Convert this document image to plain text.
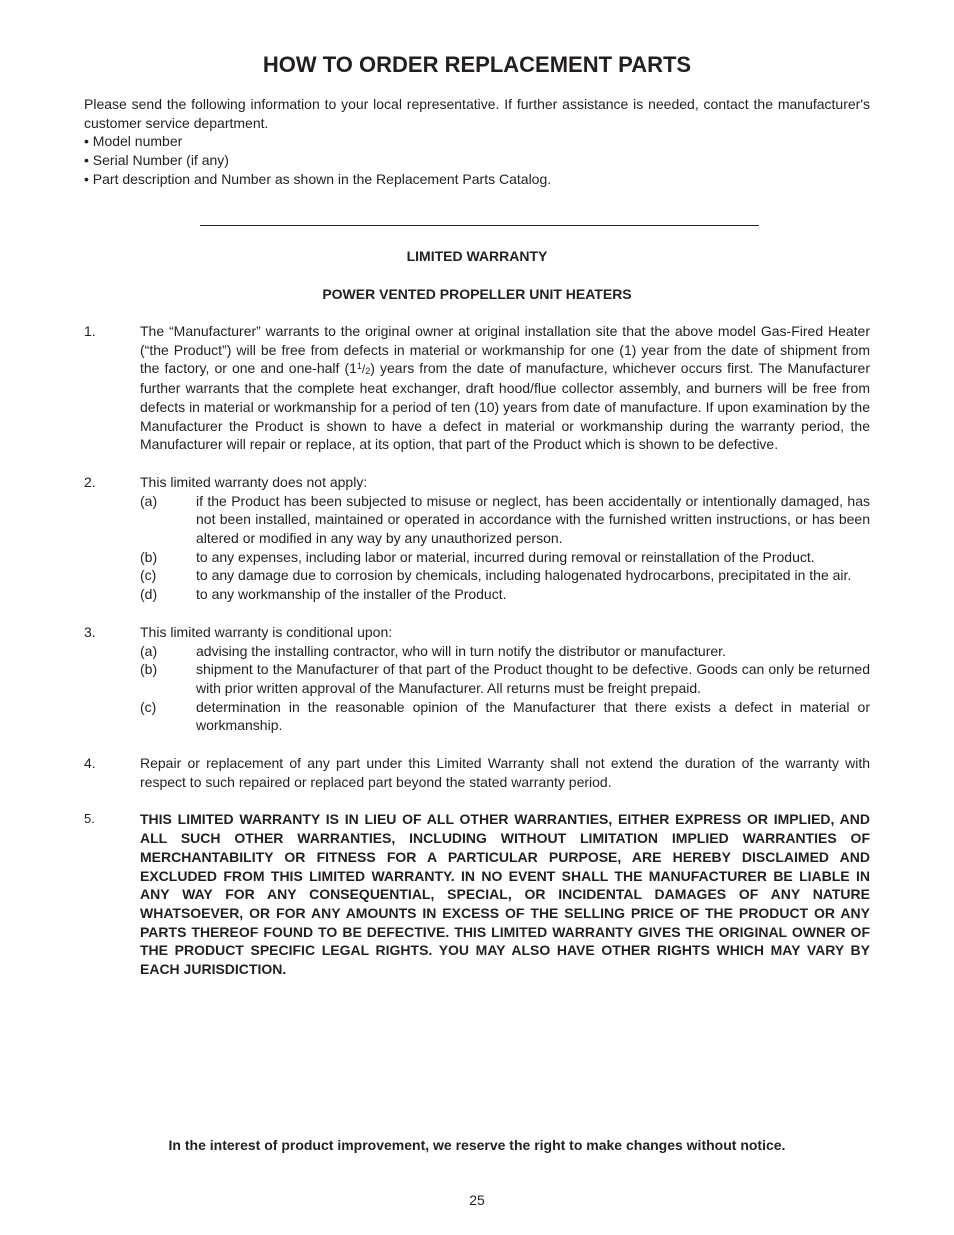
HOW TO ORDER REPLACEMENT PARTS

Please send the following information to your local representative. If further assistance is needed, contact the manufacturer's customer service department.

• Model number
• Serial Number (if any)
• Part description and Number as shown in the Replacement Parts Catalog.
LIMITED WARRANTY
POWER VENTED PROPELLER UNIT HEATERS
1.	The “Manufacturer” warrants to the original owner at original installation site that the above model Gas-Fired Heater (“the Product”) will be free from defects in material or workmanship for one (1) year from the date of shipment from the factory, or one and one-half $(1^1/2)$ years from the date of manufacture, whichever occurs first. The Manufacturer further warrants that the complete heat exchanger, draft hood/flue collector assembly, and burners will be free from defects in material or workmanship for a period of ten (10) years from date of manufacture. If upon examination by the Manufacturer the Product is shown to have a defect in material or workmanship during the warranty period, the Manufacturer will repair or replace, at its option, that part of the Product which is shown to be defective.
2.	This limited warranty does not apply:
(a)	if the Product has been subjected to misuse or neglect, has been accidentally or intentionally damaged, has not been installed, maintained or operated in accordance with the furnished written instructions, or has been altered or modified in any way by any unauthorized person.
(b)	to any expenses, including labor or material, incurred during removal or reinstallation of the Product.
(c)	to any damage due to corrosion by chemicals, including halogenated hydrocarbons, precipitated in the air.
(d)	to any workmanship of the installer of the Product.
3.	This limited warranty is conditional upon:
(a)	advising the installing contractor, who will in turn notify the distributor or manufacturer.
(b)	shipment to the Manufacturer of that part of the Product thought to be defective. Goods can only be returned with prior written approval of the Manufacturer. All returns must be freight prepaid.
(c)	determination in the reasonable opinion of the Manufacturer that there exists a defect in material or workmanship.
4.	Repair or replacement of any part under this Limited Warranty shall not extend the duration of the warranty with respect to such repaired or replaced part beyond the stated warranty period.
5.	THIS LIMITED WARRANTY IS IN LIEU OF ALL OTHER WARRANTIES, EITHER EXPRESS OR IMPLIED, AND ALL SUCH OTHER WARRANTIES, INCLUDING WITHOUT LIMITATION IMPLIED WARRANTIES OF MERCHANTABILITY OR FITNESS FOR A PARTICULAR PURPOSE, ARE HEREBY DISCLAIMED AND EXCLUDED FROM THIS LIMITED WARRANTY. IN NO EVENT SHALL THE MANUFACTURER BE LIABLE IN ANY WAY FOR ANY CONSEQUENTIAL, SPECIAL, OR INCIDENTAL DAMAGES OF ANY NATURE WHATSOEVER, OR FOR ANY AMOUNTS IN EXCESS OF THE SELLING PRICE OF THE PRODUCT OR ANY PARTS THEREOF FOUND TO BE DEFECTIVE. THIS LIMITED WARRANTY GIVES THE ORIGINAL OWNER OF THE PRODUCT SPECIFIC LEGAL RIGHTS. YOU MAY ALSO HAVE OTHER RIGHTS WHICH MAY VARY BY EACH JURISDICTION.
In the interest of product improvement, we reserve the right to make changes without notice.
25
